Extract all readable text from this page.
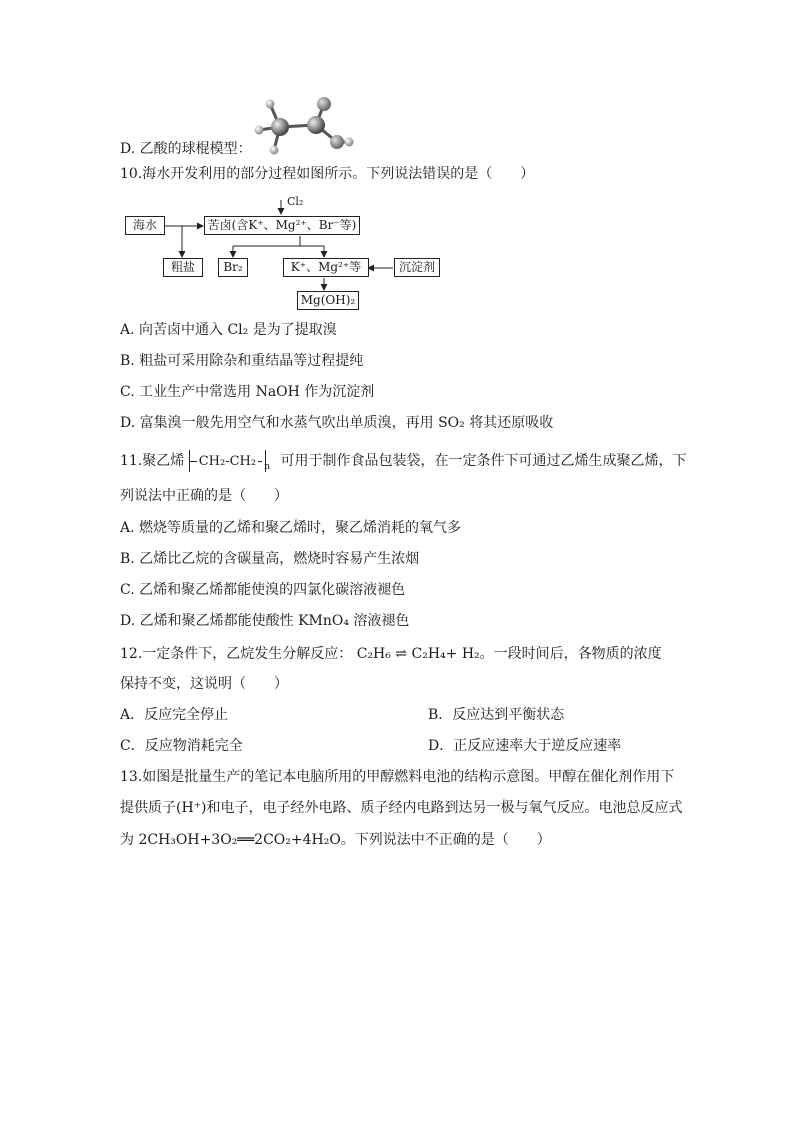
D. 乙酸的球棍模型：
10.海水开发利用的部分过程如图所示。下列说法错误的是（　　）
Cl₂
海水	苦卤(含K⁺、Mg²⁺、Br⁻等)
粗盐	Br₂	K⁺、Mg²⁺等	沉淀剂
Mg(OH)₂
A. 向苦卤中通入 Cl₂ 是为了提取溴
B. 粗盐可采用除杂和重结晶等过程提纯
C. 工业生产中常选用 NaOH 作为沉淀剂
D. 富集溴一般先用空气和水蒸气吹出单质溴，再用 SO₂ 将其还原吸收
11.聚乙烯 CH₂-CH₂ $_n$ 可用于制作食品包装袋，在一定条件下可通过乙烯生成聚乙烯，下
列说法中正确的是（　　）
A. 燃烧等质量的乙烯和聚乙烯时，聚乙烯消耗的氧气多
B. 乙烯比乙烷的含碳量高，燃烧时容易产生浓烟
C. 乙烯和聚乙烯都能使溴的四氯化碳溶液褪色
D. 乙烯和聚乙烯都能使酸性 KMnO₄ 溶液褪色
12.一定条件下，乙烷发生分解反应： C₂H₆ ⇌ C₂H₄+ H₂。一段时间后，各物质的浓度
保持不变，这说明（　　）
A．反应完全停止	B．反应达到平衡状态
C．反应物消耗完全	D．正反应速率大于逆反应速率
13.如图是批量生产的笔记本电脑所用的甲醇燃料电池的结构示意图。甲醇在催化剂作用下
提供质子(H⁺)和电子，电子经外电路、质子经内电路到达另一极与氧气反应。电池总反应式
为 2CH₃OH+3O₂══2CO₂+4H₂O。下列说法中不正确的是（　　）
